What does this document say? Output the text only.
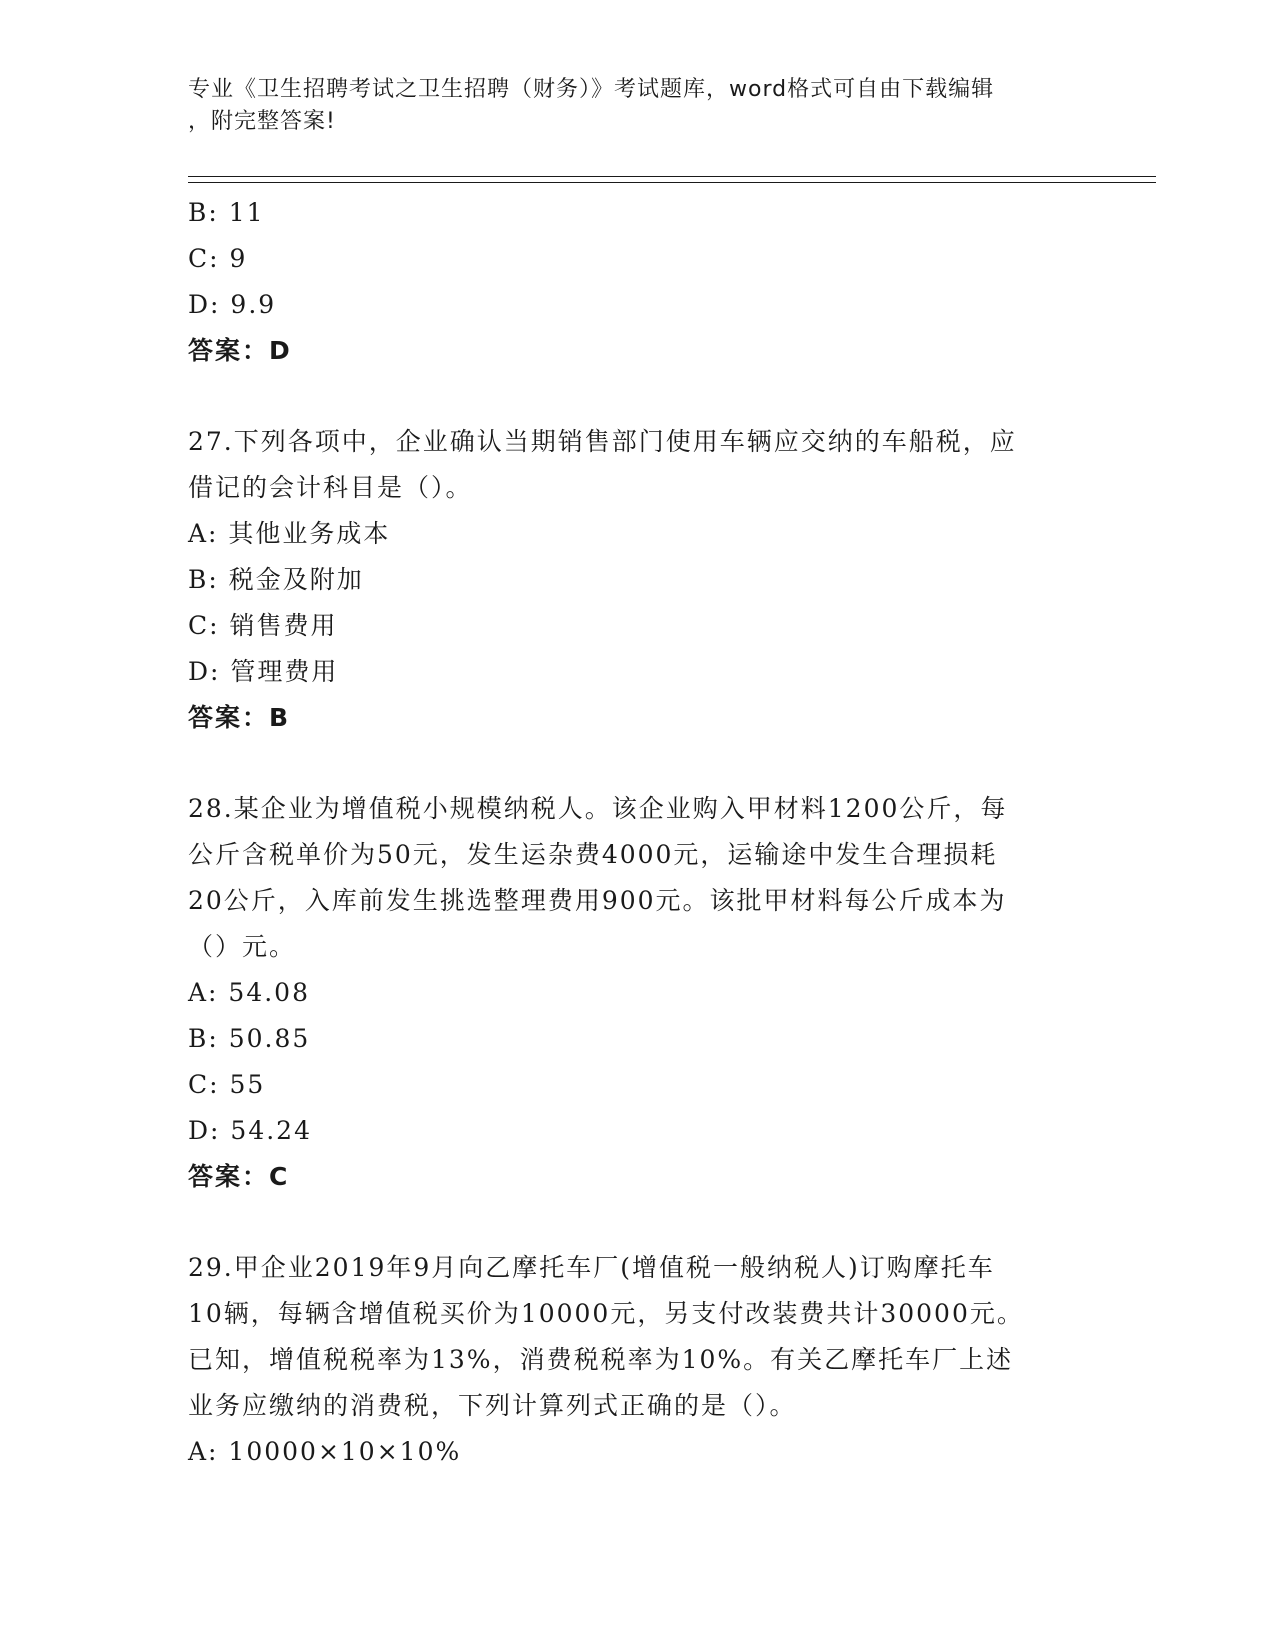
专业《卫生招聘考试之卫生招聘（财务）》考试题库，word格式可自由下载编辑
，附完整答案!
B: 11
C: 9
D: 9.9
答案：D
27.下列各项中，企业确认当期销售部门使用车辆应交纳的车船税，应
借记的会计科目是（）。
A: 其他业务成本
B: 税金及附加
C: 销售费用
D: 管理费用
答案：B
28.某企业为增值税小规模纳税人。该企业购入甲材料1200公斤，每
公斤含税单价为50元，发生运杂费4000元，运输途中发生合理损耗
20公斤，入库前发生挑选整理费用900元。该批甲材料每公斤成本为
（）元。
A: 54.08
B: 50.85
C: 55
D: 54.24
答案：C
29.甲企业2019年9月向乙摩托车厂(增值税一般纳税人)订购摩托车
10辆，每辆含增值税买价为10000元，另支付改装费共计30000元。
已知，增值税税率为13%，消费税税率为10%。有关乙摩托车厂上述
业务应缴纳的消费税，下列计算列式正确的是（）。
A: 10000×10×10%
